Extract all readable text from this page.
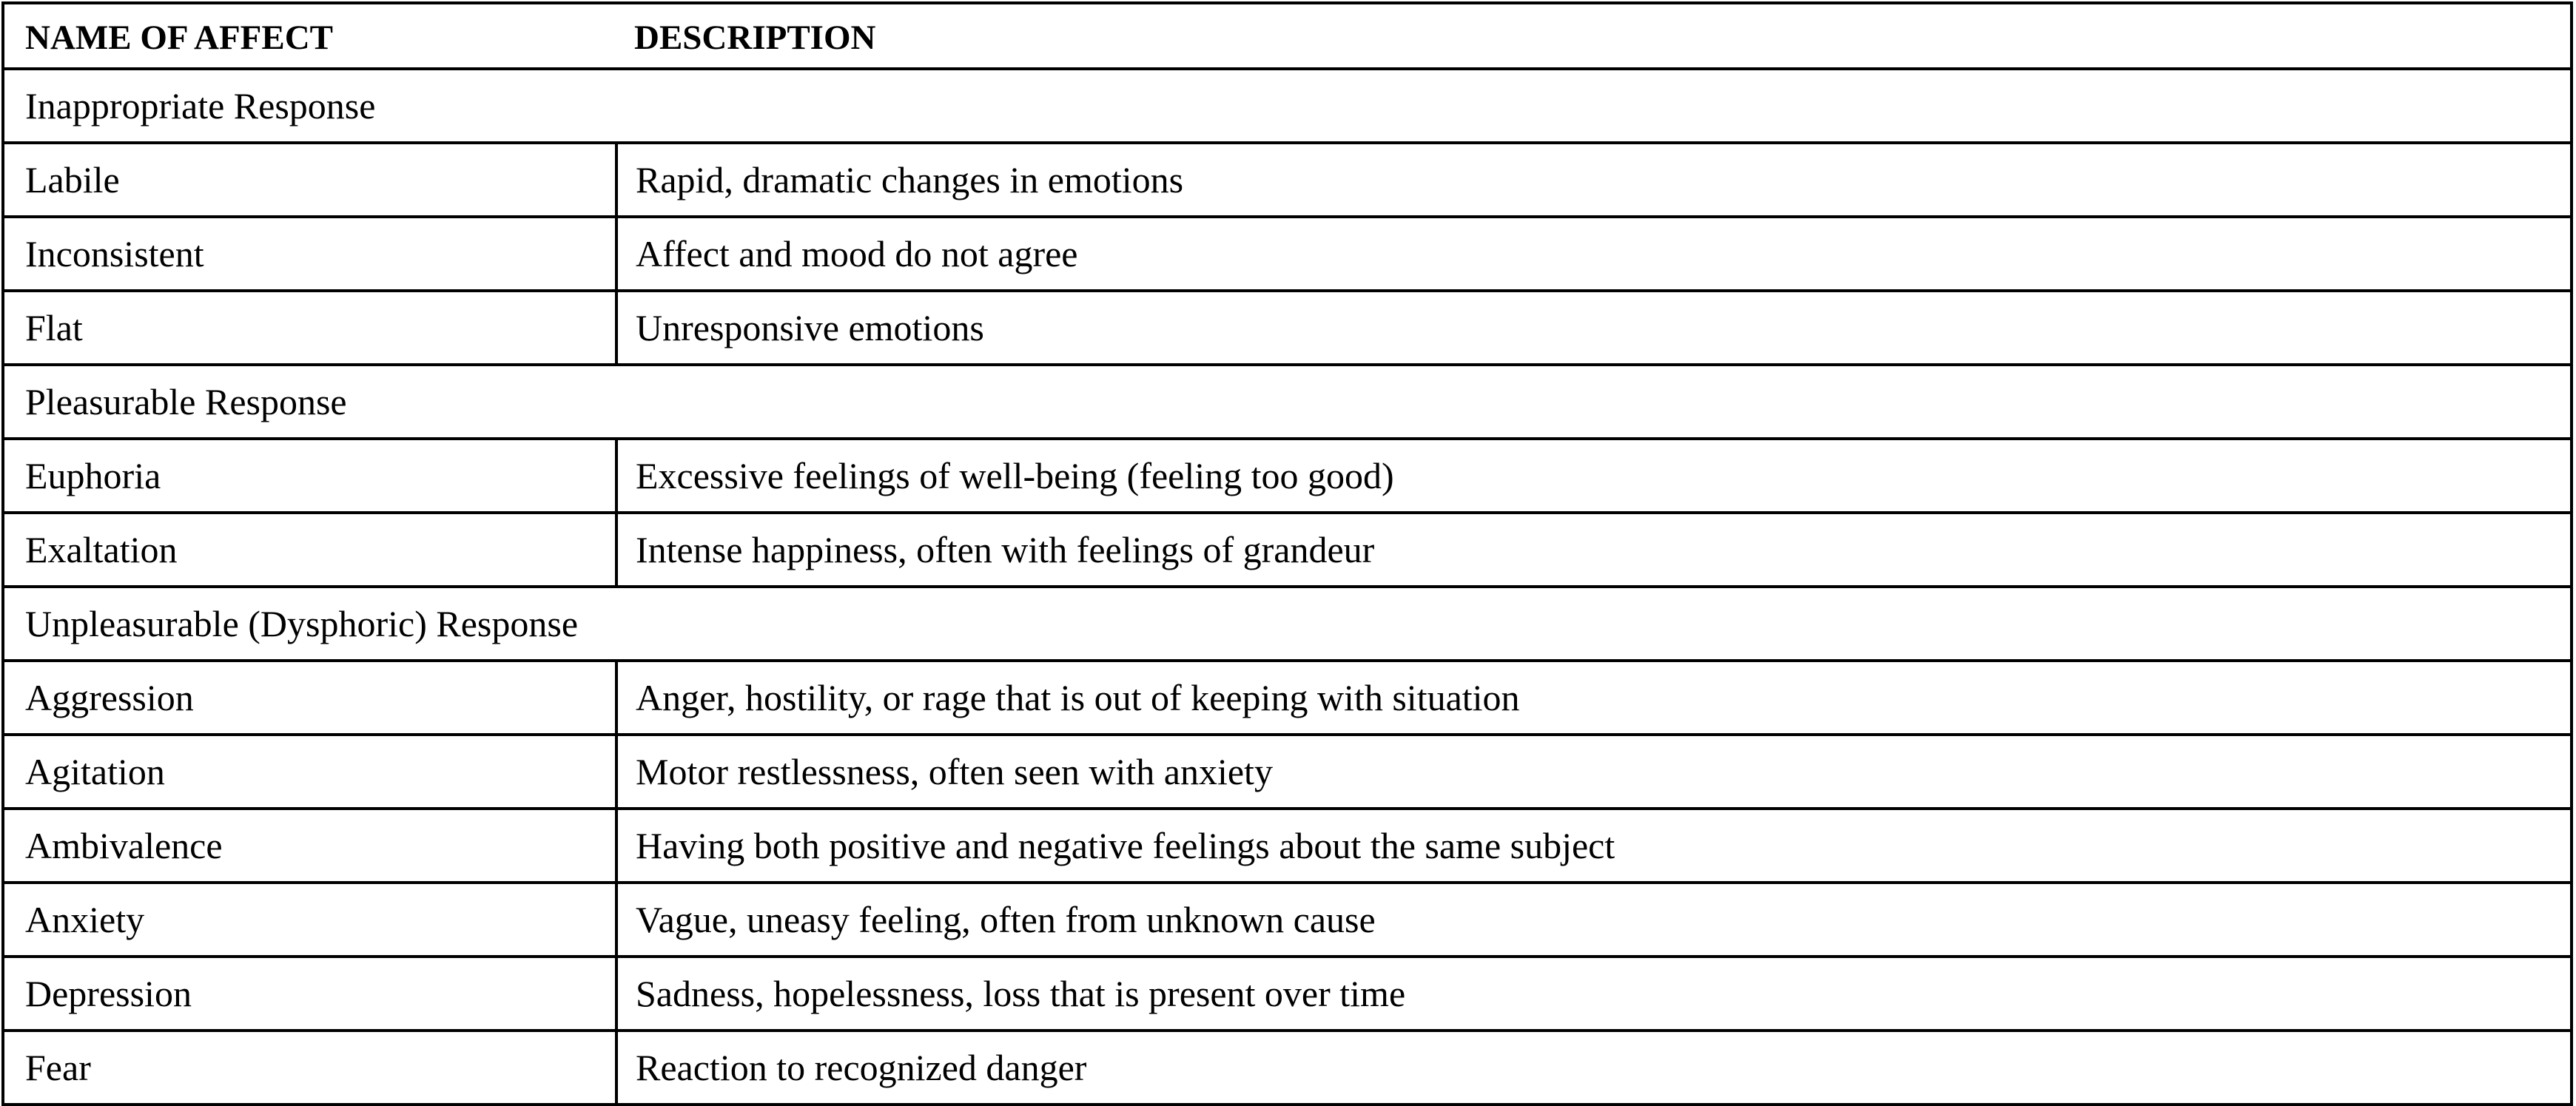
NAME OF AFFECT	DESCRIPTION
Inappropriate Response	
Labile	Rapid, dramatic changes in emotions
Inconsistent	Affect and mood do not agree
Flat	Unresponsive emotions
Pleasurable Response	
Euphoria	Excessive feelings of well-being (feeling too good)
Exaltation	Intense happiness, often with feelings of grandeur
Unpleasurable (Dysphoric) Response	
Aggression	Anger, hostility, or rage that is out of keeping with situation
Agitation	Motor restlessness, often seen with anxiety
Ambivalence	Having both positive and negative feelings about the same subject
Anxiety	Vague, uneasy feeling, often from unknown cause
Depression	Sadness, hopelessness, loss that is present over time
Fear	Reaction to recognized danger
